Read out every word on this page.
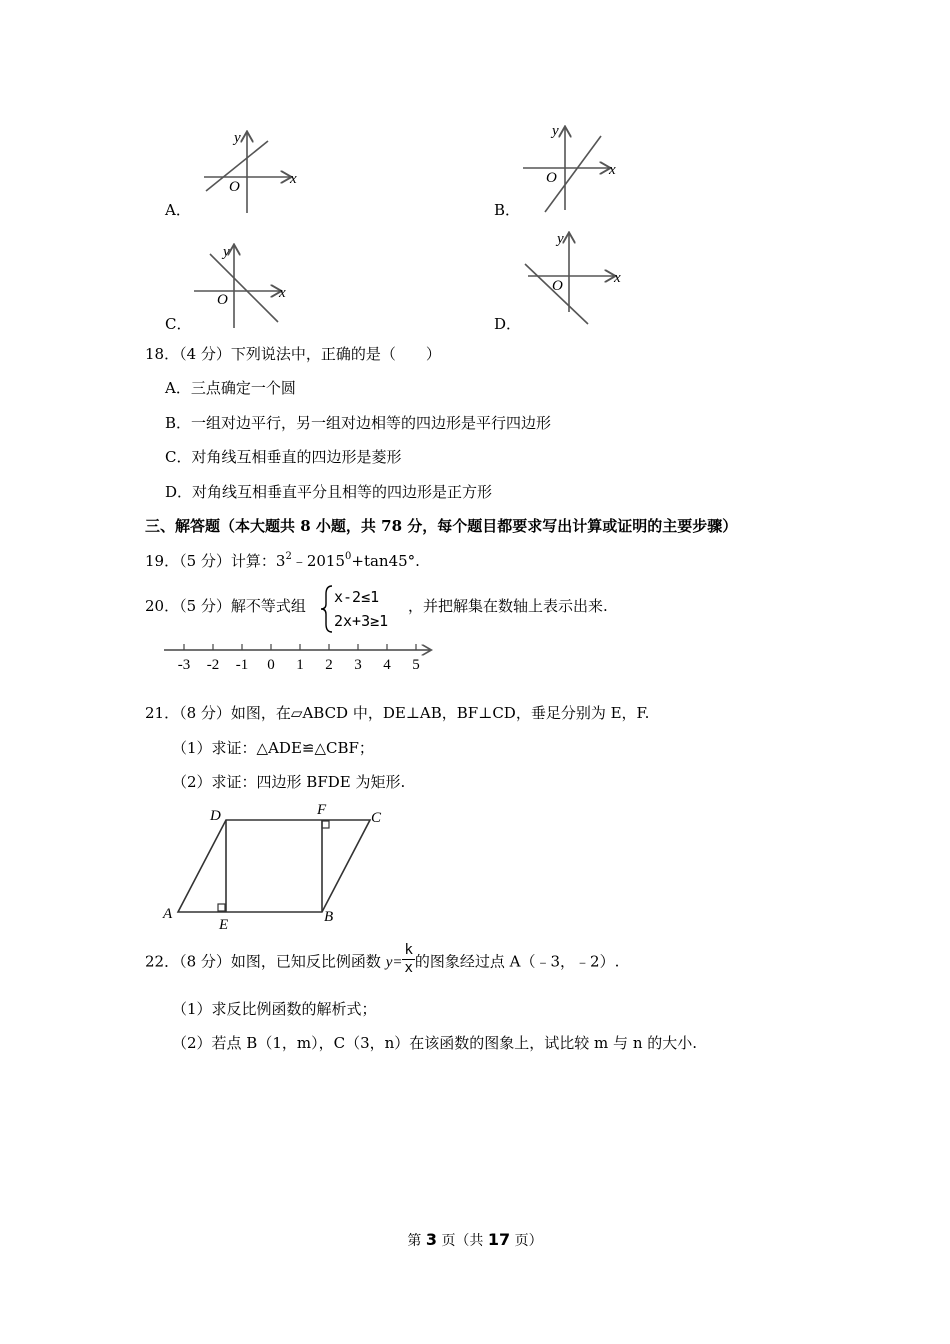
A．
y
x
O
B．
y
x
O
C．
y
x
O
D．
y
x
O
18．（4 分）下列说法中，正确的是（　　）
A．三点确定一个圆
B．一组对边平行，另一组对边相等的四边形是平行四边形
C．对角线互相垂直的四边形是菱形
D．对角线互相垂直平分且相等的四边形是正方形
三、解答题（本大题共 8 小题，共 78 分，每个题目都要求写出计算或证明的主要步骤）
19．（5 分）计算：$3^2﹣2015^0+\tan 45^\circ$.
20．（5 分）解不等式组 x-2≤1
2x+3≥1
，并把解集在数轴上表示出来.
-3 -2 -1 0 1 2 3 4 5
21．（8 分）如图，在▱ABCD 中，DE⊥AB，BF⊥CD，垂足分别为 E，F.
（1）求证：△ADE≌△CBF；
（2）求证：四边形 BFDE 为矩形.
A	B
C
D
E
F
22．（8 分）如图，已知反比例函数 $y= \frac{k}{x}$ 的图象经过点 A（﹣3，﹣2）.
（1）求反比例函数的解析式；
（2）若点 B（1，m），C（3，n）在该函数的图象上，试比较 m 与 n 的大小.
第 3 页（共 17 页）
